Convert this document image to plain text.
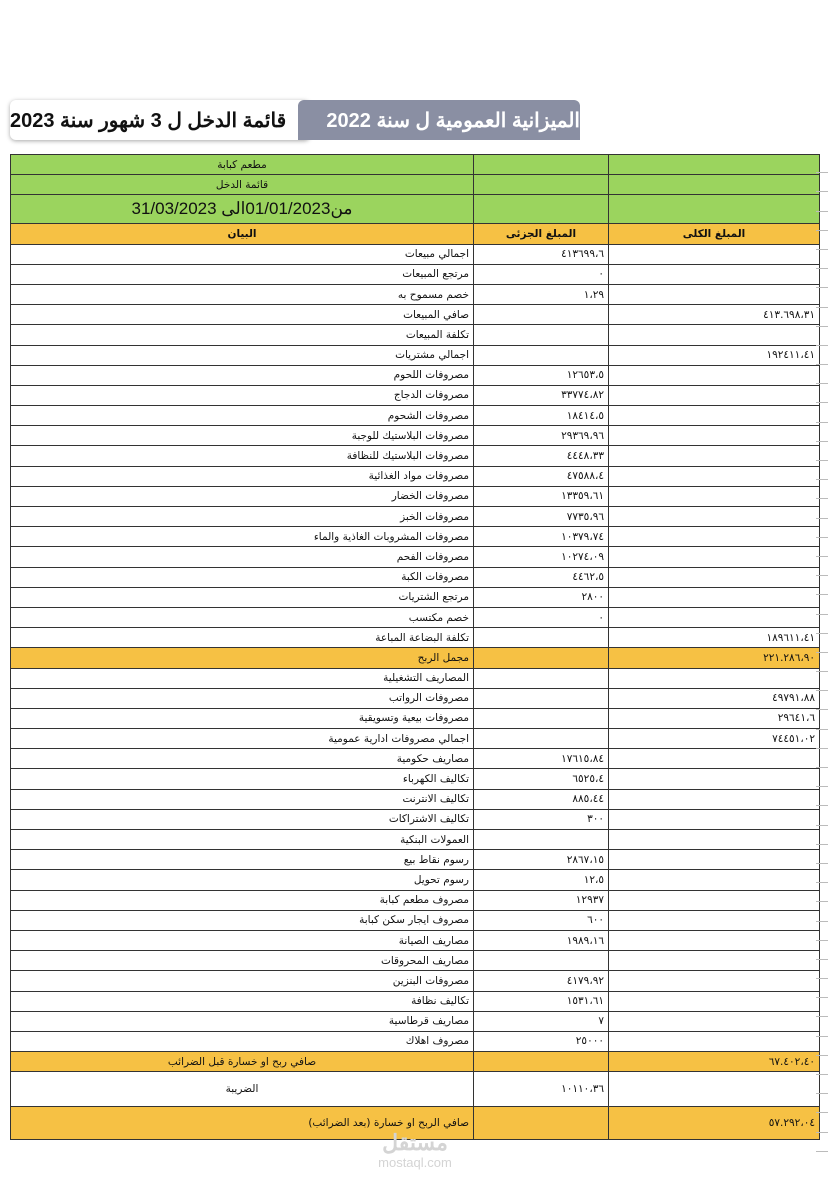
قائمة الدخل ل 3 شهور سنة 2023	الميزانية العمومية ل سنة 2022
مطعم كبابة		
قائمة الدخل		
من01/01/2023الى 31/03/2023		
البيان	المبلغ الجزئى	المبلغ الكلى
اجمالي مبيعات	٤١٣٦٩٩،٦	
مرتجع المبيعات	٠	
خصم مسموح به	١،٢٩	
صافي المبيعات		٤١٣.٦٩٨،٣١
تكلفة المبيعات		
اجمالي مشتريات		١٩٢٤١١،٤١
مصروفات اللحوم	١٢٦٥٣،٥	
مصروفات الدجاج	٣٣٧٧٤،٨٢	
مصروفات الشحوم	١٨٤١٤،٥	
مصروفات البلاستيك للوجبة	٢٩٣٦٩،٩٦	
مصروفات البلاستيك للنظافة	٤٤٤٨،٣٣	
مصروفات مواد الغذائية	٤٧٥٨٨،٤	
مصروفات الخضار	١٣٣٥٩،٦١	
مصروفات الخبز	٧٧٣٥،٩٦	
مصروفات المشروبات الغاذية والماء	١٠٣٧٩،٧٤	
مصروفات الفحم	١٠٢٧٤،٠٩	
مصروفات الكبة	٤٤٦٢،٥	
مرتجع الشتريات	٢٨٠٠	
خصم مكتسب	٠	
تكلفة البضاعة المباعة		١٨٩٦١١،٤١
مجمل الربح		٢٢١.٢٨٦،٩٠
المصاريف التشغيلية		
مصروفات الرواتب		٤٩٧٩١،٨٨
مصروفات بيعية وتسويقية		٢٩٦٤١،٦
اجمالي مصروفات ادارية عمومية		٧٤٤٥١،٠٢
مصاريف حكومية	١٧٦١٥،٨٤	
تكاليف الكهرباء	٦٥٢٥،٤	
تكاليف الانترنت	٨٨٥،٤٤	
تكاليف الاشتراكات	٣٠٠	
العمولات البنكية		
رسوم نقاط بيع	٢٨٦٧،١٥	
رسوم تحويل	١٢،٥	
مصروف مطعم كبابة	١٢٩٣٧	
مصروف ايجار سكن كبابة	٦٠٠	
مصاريف الصيانة	١٩٨٩،١٦	
مصاريف المحروقات		
مصروفات البنزين	٤١٧٩،٩٢	
تكاليف نظافة	١٥٣١،٦١	
مصاريف قرطاسية	٧	
مصروف اهلاك	٢٥٠٠٠	
صافي ربح او خسارة قبل الضرائب		٦٧.٤٠٢،٤٠
الضريبة	١٠١١٠،٣٦	
صافي الربح او خسارة (بعد الضرائب)		٥٧.٢٩٢،٠٤
مستقل
mostaql.com
